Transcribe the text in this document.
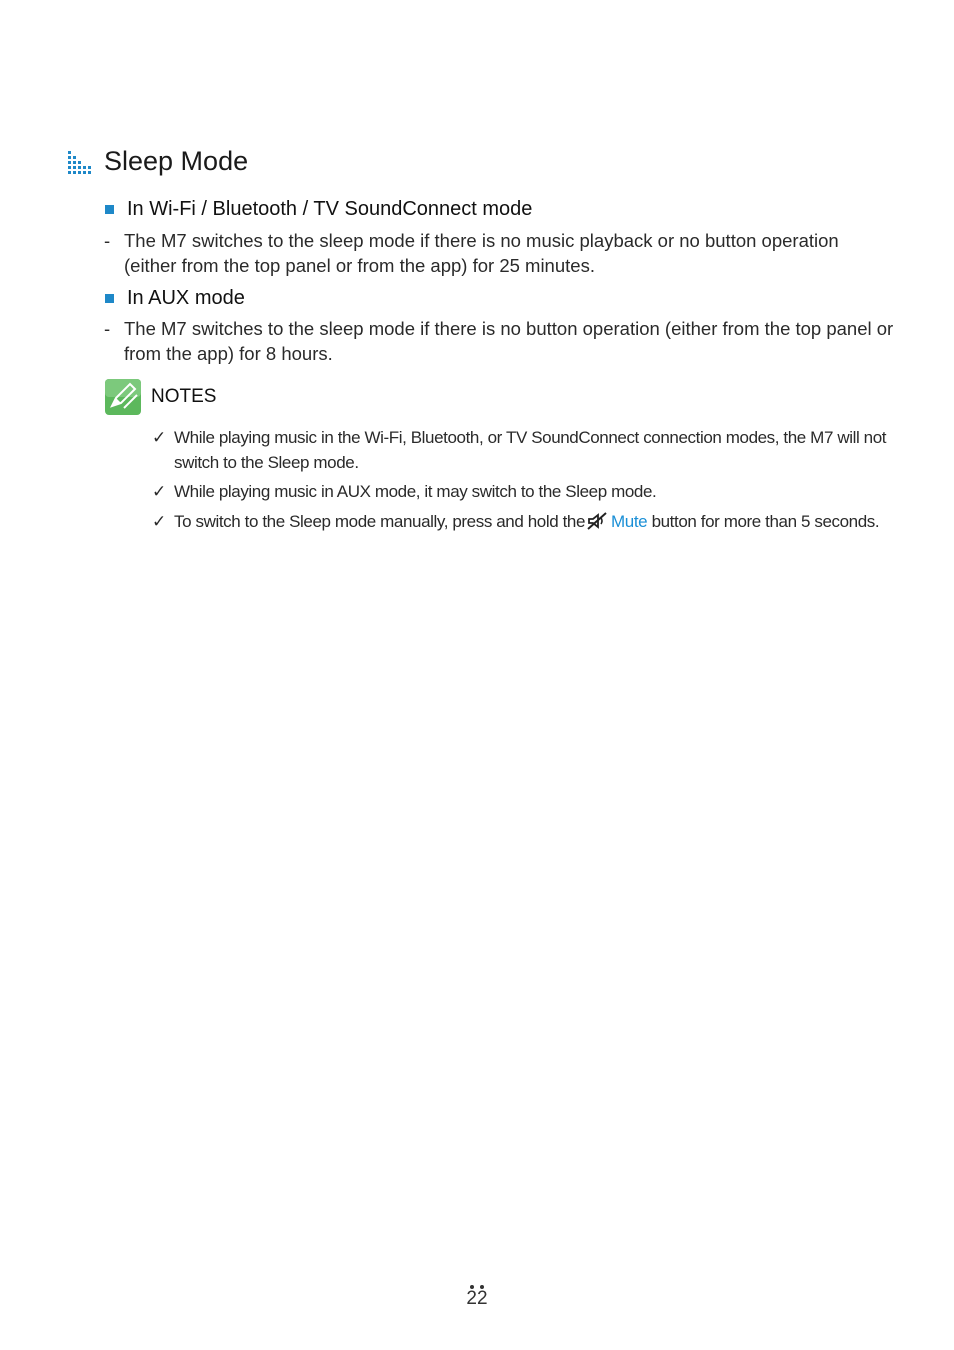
Sleep Mode
In Wi-Fi / Bluetooth / TV SoundConnect mode
- The M7 switches to the sleep mode if there is no music playback or no button operation (either from the top panel or from the app) for 25 minutes.
In AUX mode
- The M7 switches to the sleep mode if there is no button operation (either from the top panel or from the app) for 8 hours.
NOTES
✓ While playing music in the Wi-Fi, Bluetooth, or TV SoundConnect connection modes, the M7 will not switch to the Sleep mode.
✓ While playing music in AUX mode, it may switch to the Sleep mode.
✓ To switch to the Sleep mode manually, press and hold the Mute button for more than 5 seconds.
22
